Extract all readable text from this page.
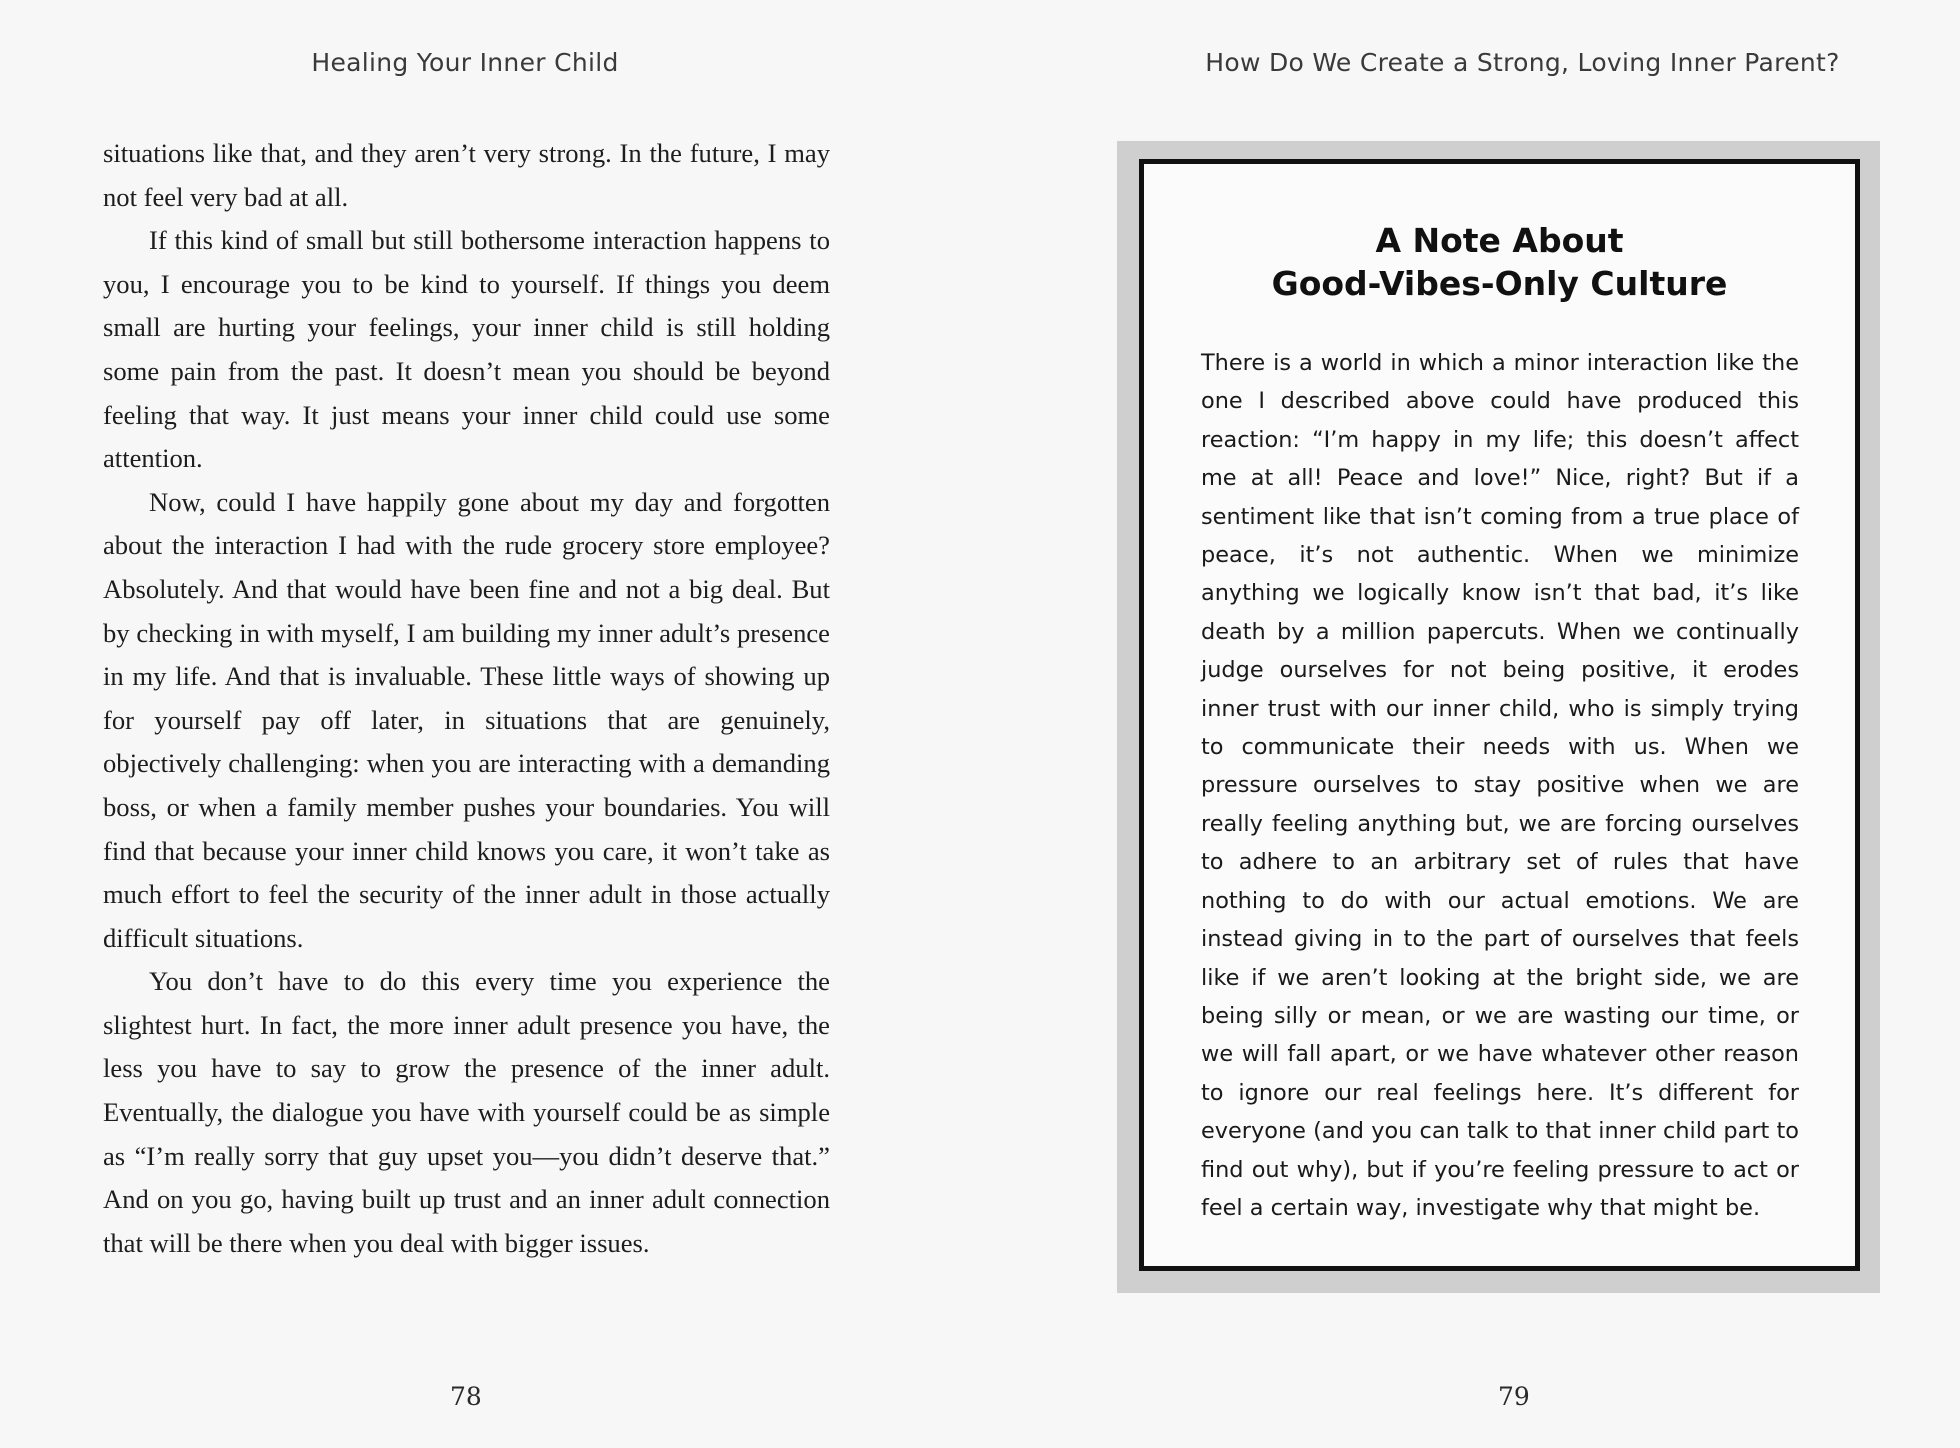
Healing Your Inner Child

situations like that, and they aren’t very strong. In the future, I may not feel very bad at all.

If this kind of small but still bothersome interaction happens to you, I encourage you to be kind to yourself. If things you deem small are hurting your feelings, your inner child is still holding some pain from the past. It doesn’t mean you should be beyond feeling that way. It just means your inner child could use some attention.

Now, could I have happily gone about my day and forgotten about the interaction I had with the rude grocery store employee? Absolutely. And that would have been fine and not a big deal. But by checking in with myself, I am building my inner adult’s presence in my life. And that is invaluable. These little ways of showing up for yourself pay off later, in situations that are genuinely, objectively challenging: when you are interacting with a demanding boss, or when a family member pushes your boundaries. You will find that because your inner child knows you care, it won’t take as much effort to feel the security of the inner adult in those actually difficult situations.

You don’t have to do this every time you experience the slightest hurt. In fact, the more inner adult presence you have, the less you have to say to grow the presence of the inner adult. Eventually, the dialogue you have with yourself could be as simple as “I’m really sorry that guy upset you—you didn’t deserve that.” And on you go, having built up trust and an inner adult connection that will be there when you deal with bigger issues.

78
How Do We Create a Strong, Loving Inner Parent?
A Note About
Good-Vibes-Only Culture
There is a world in which a minor interaction like the one I described above could have produced this reaction: “I’m happy in my life; this doesn’t affect me at all! Peace and love!” Nice, right? But if a sentiment like that isn’t coming from a true place of peace, it’s not authentic. When we minimize anything we logically know isn’t that bad, it’s like death by a million papercuts. When we continually judge ourselves for not being positive, it erodes inner trust with our inner child, who is simply trying to communicate their needs with us. When we pressure ourselves to stay positive when we are really feeling anything but, we are forcing ourselves to adhere to an arbitrary set of rules that have nothing to do with our actual emotions. We are instead giving in to the part of ourselves that feels like if we aren’t looking at the bright side, we are being silly or mean, or we are wasting our time, or we will fall apart, or we have whatever other reason to ignore our real feelings here. It’s different for everyone (and you can talk to that inner child part to find out why), but if you’re feeling pressure to act or feel a certain way, investigate why that might be.
79
